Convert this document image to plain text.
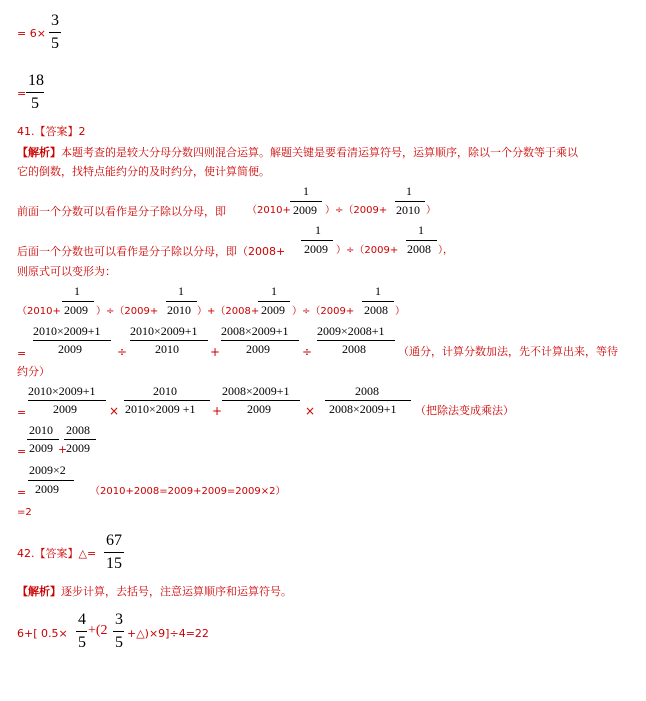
= 6×
3
5
=
18
5
41.【答案】2
【解析】本题考查的是较大分母分数四则混合运算。解题关键是要看清运算符号，运算顺序，除以一个分数等于乘以
它的倒数，找特点能约分的及时约分，使计算简便。
前面一个分数可以看作是分子除以分母，即 （2010+
1
2009 ）÷（2009+
1
2010 ）
后面一个分数也可以看作是分子除以分母，即（2008+
1
2009 ）÷（2009+
1
2008 ），
则原式可以变形为：
（2010+
1
2009 ）÷（2009+
1
2010 ）+（2008+
1
2009 ）÷（2009+
1
2008 ）
=
2010×2009+1
2009	÷
2010×2009+1
2010	+
2008×2009+1
2009	÷
2009×2008+1
2008	（通分，计算分数加法，先不计算出来，等待
约分）
=
2010×2009+1
2009	×
2010
2010×2009 +1 +
2008×2009+1
2009	×
2008
2008×2009+1 （把除法变成乘法）
=
2010
2009 +
2008
2009
=
2009×2
2009	（2010+2008=2009+2009=2009×2）
=2
42.【答案】△=
67
15
【解析】逐步计算，去括号，注意运算顺序和运算符号。
6+[ 0.5×
4
5
+(2
3
5
+△)×9]÷4=22
